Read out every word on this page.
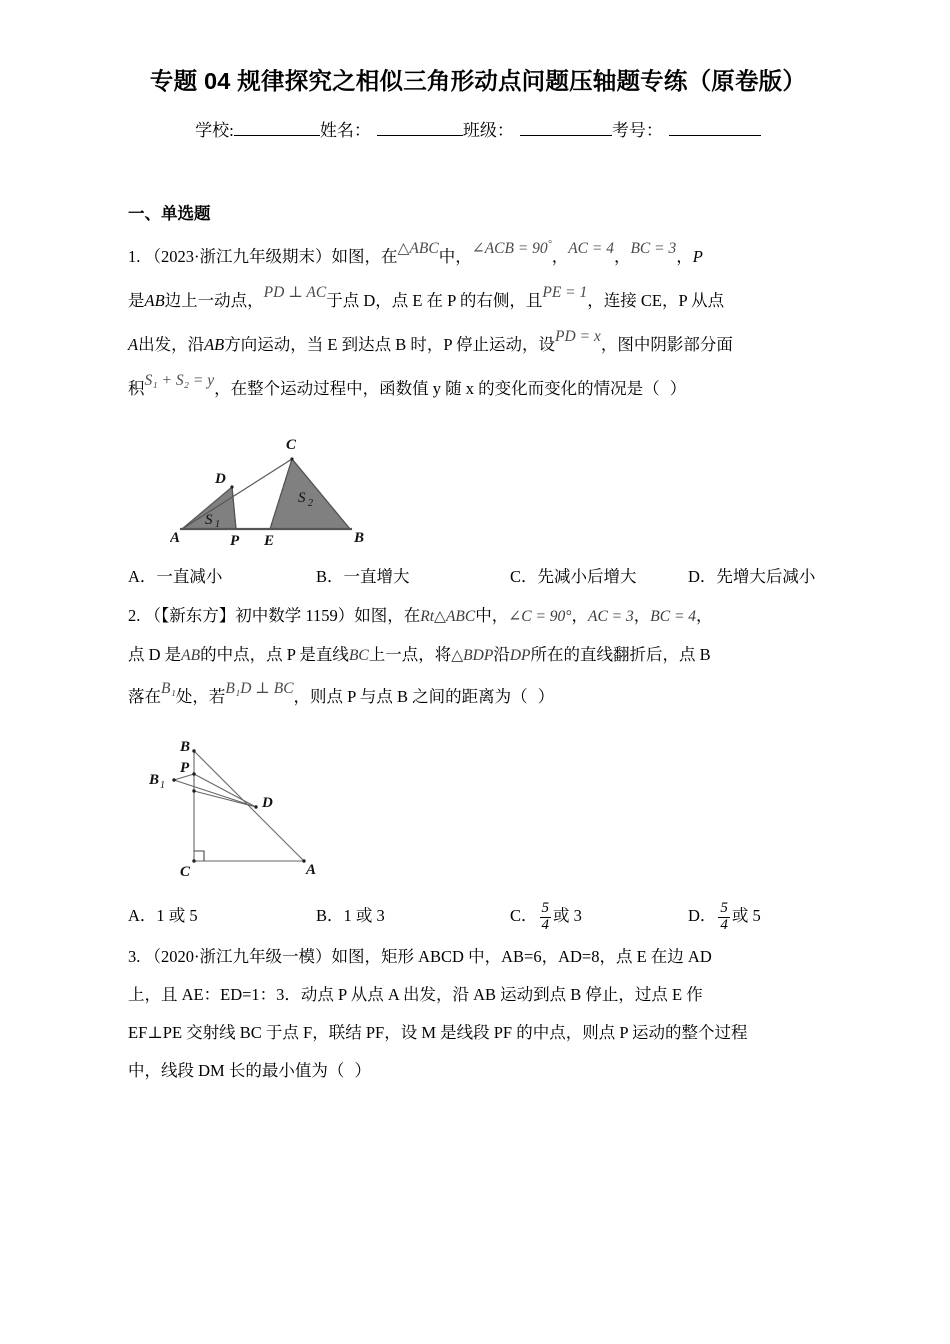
专题 04 规律探究之相似三角形动点问题压轴题专练（原卷版）
学校:	姓名：	班级：	考号：
一、单选题
1. （2023·浙江九年级期末）如图，在△ABC中，∠ACB = 90°，AC = 4，BC = 3，P
是AB边上一动点，PD ⊥ AC于点 D，点 E 在 P 的右侧，且PE = 1，连接 CE，P 从点
A出发，沿AB方向运动，当 E 到达点 B 时，P 停止运动，设PD = x，图中阴影部分面
积S₁ + S₂ = y，在整个运动过程中，函数值 y 随 x 的变化而变化的情况是（ ）
C
D
S 1
S 2
A	P E	B
A．一直减小	B．一直增大	C．先减小后增大	D．先增大后减小
2. （【新东方】初中数学 1159）如图，在Rt△ABC中，∠C = 90°，AC = 3，BC = 4，
点 D 是AB的中点，点 P 是直线BC上一点，将△BDP沿DP所在的直线翻折后，点 B
落在B₁处，若B₁D ⊥ BC，则点 P 与点 B 之间的距离为（ ）
B
P
B 1
D
C	A
A．1 或 5	B．1 或 3	C． $\frac{5}{4}$ 或 3	D． $\frac{5}{4}$ 或 5
3. （2020·浙江九年级一模）如图，矩形 ABCD 中，AB=6，AD=8，点 E 在边 AD
上，且 AE：ED=1：3．动点 P 从点 A 出发，沿 AB 运动到点 B 停止，过点 E 作
EF⊥PE 交射线 BC 于点 F，联结 PF，设 M 是线段 PF 的中点，则点 P 运动的整个过程
中，线段 DM 长的最小值为（ ）
